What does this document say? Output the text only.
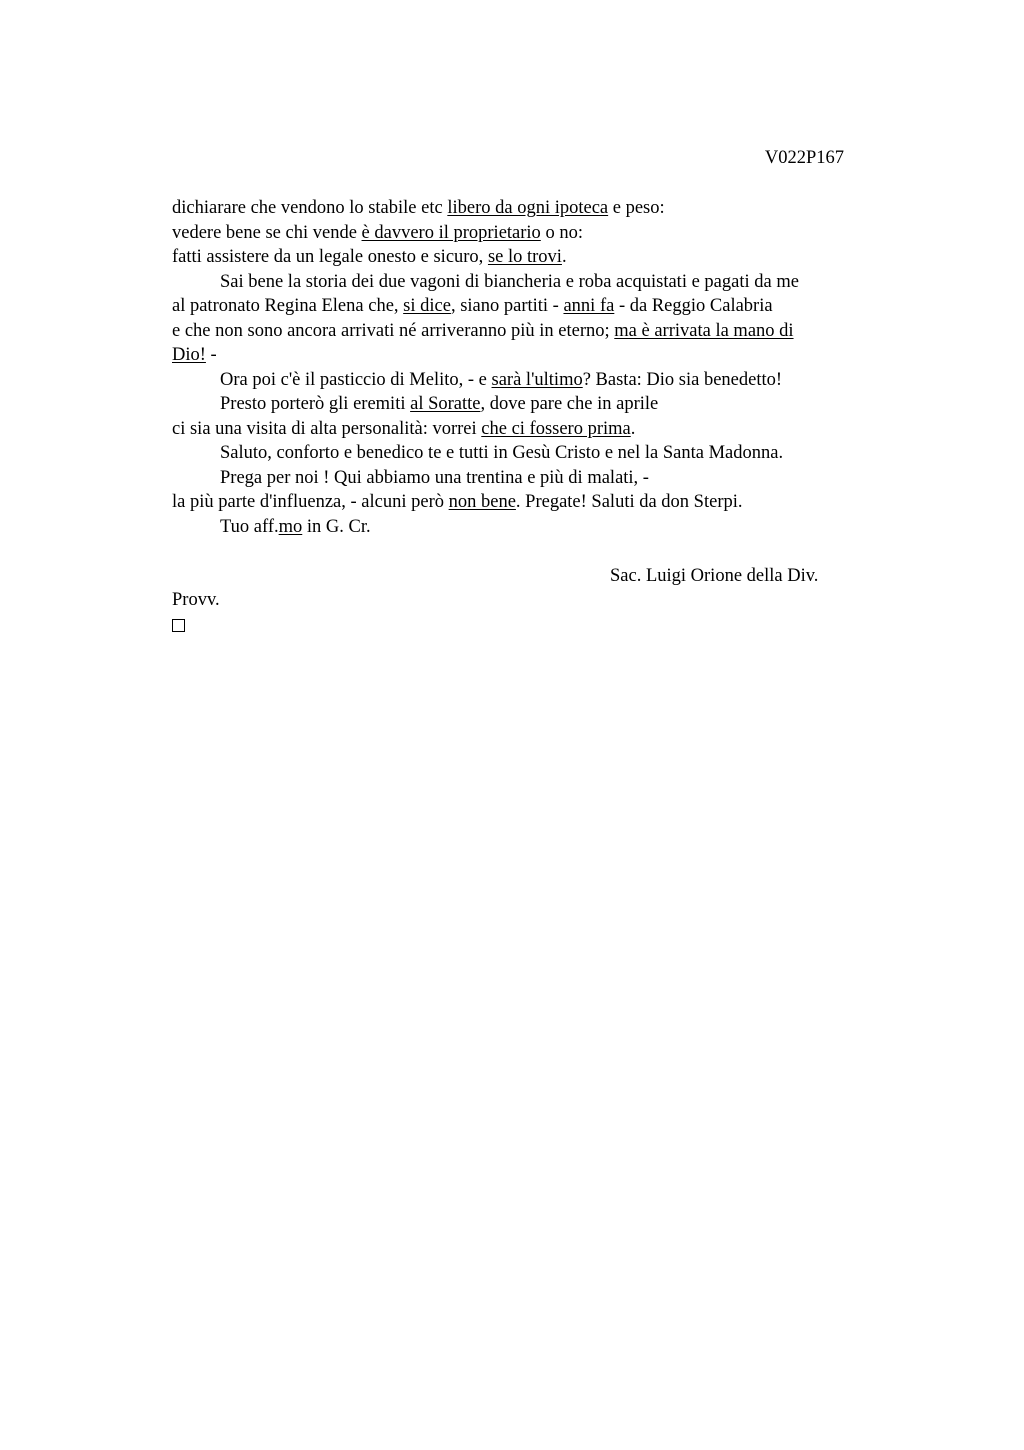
V022P167
dichiarare che vendono lo stabile etc libero da ogni ipoteca e peso:
vedere bene se chi vende è davvero il proprietario o no:
fatti assistere da un legale onesto e sicuro, se lo trovi.
Sai bene la storia dei due vagoni di biancheria e roba acquistati e pagati da me
al patronato Regina Elena che, si dice, siano partiti - anni fa - da Reggio Calabria
e che non sono ancora arrivati né arriveranno più in eterno; ma è arrivata la mano di
Dio! -
Ora poi c'è il pasticcio di Melito, - e sarà l'ultimo? Basta: Dio sia benedetto!
Presto porterò gli eremiti al Soratte, dove pare che in aprile
ci sia una visita di alta personalità: vorrei che ci fossero prima.
Saluto, conforto e benedico te e tutti in Gesù Cristo e nel la Santa Madonna.
Prega per noi ! Qui abbiamo una trentina e più di malati, -
la più parte d'influenza, - alcuni però non bene. Pregate! Saluti da don Sterpi.
Tuo aff.mo in G. Cr.
Sac. Luigi Orione della Div.
Provv.
